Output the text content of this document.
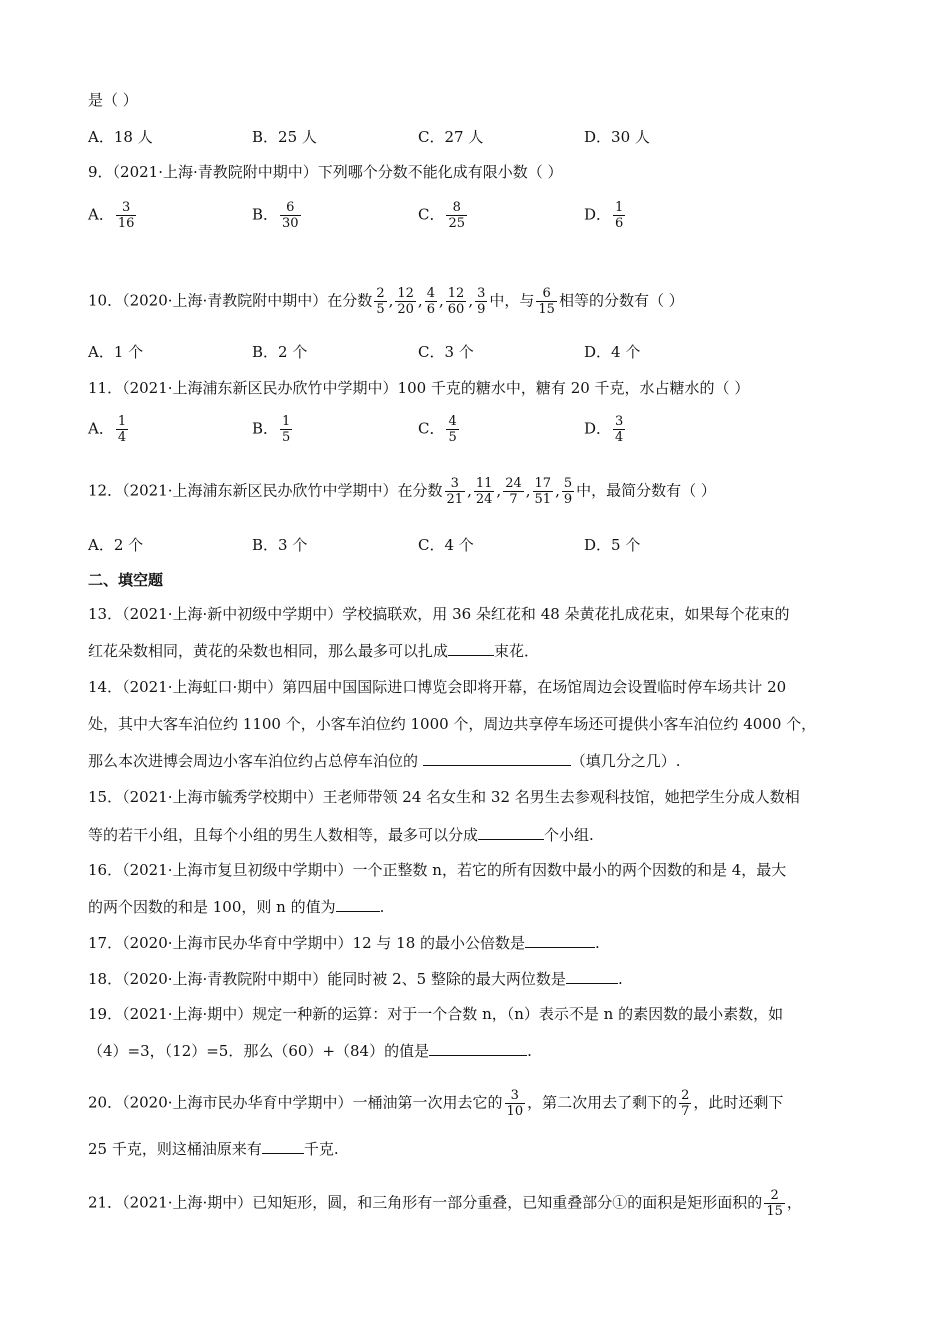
是（ ）
A．18 人	B．25 人	C．27 人	D．30 人
9．（2021·上海·青教院附中期中）下列哪个分数不能化成有限小数（ ）
A． $\frac{3}{16}$	B． $\frac{6}{30}$	C． $\frac{8}{25}$	D． $\frac{1}{6}$
10．（2020·上海·青教院附中期中）在分数 $\frac{2}{5}$ , $\frac{12}{20}$ , $\frac{4}{6}$ , $\frac{12}{60}$ , $\frac{3}{9}$ 中，与 $\frac{6}{15}$ 相等的分数有（ ）
A．1 个	B．2 个	C．3 个	D．4 个
11．（2021·上海浦东新区民办欣竹中学期中）100 千克的糖水中，糖有 20 千克，水占糖水的（ ）
A． $\frac{1}{4}$	B． $\frac{1}{5}$	C． $\frac{4}{5}$	D． $\frac{3}{4}$
12．（2021·上海浦东新区民办欣竹中学期中）在分数 $\frac{3}{21}$ , $\frac{11}{24}$ , $\frac{24}{7}$ , $\frac{17}{51}$ , $\frac{5}{9}$ 中，最简分数有（ ）
A．2 个	B．3 个	C．4 个	D．5 个
二、填空题
13．（2021·上海·新中初级中学期中）学校搞联欢，用 36 朵红花和 48 朵黄花扎成花束，如果每个花束的
红花朵数相同，黄花的朵数也相同，那么最多可以扎成	束花．
14．（2021·上海虹口·期中）第四届中国国际进口博览会即将开幕，在场馆周边会设置临时停车场共计 20
处，其中大客车泊位约 1100 个，小客车泊位约 1000 个，周边共享停车场还可提供小客车泊位约 4000 个，
那么本次进博会周边小客车泊位约占总停车泊位的	（填几分之几）.
15．（2021·上海市毓秀学校期中）王老师带领 24 名女生和 32 名男生去参观科技馆，她把学生分成人数相
等的若干小组，且每个小组的男生人数相等，最多可以分成	个小组.
16．（2021·上海市复旦初级中学期中）一个正整数 n，若它的所有因数中最小的两个因数的和是 4，最大
的两个因数的和是 100，则 n 的值为	.
17．（2020·上海市民办华育中学期中）12 与 18 的最小公倍数是	.
18．（2020·上海·青教院附中期中）能同时被 2、5 整除的最大两位数是	.
19．（2021·上海·期中）规定一种新的运算：对于一个合数 n，（n）表示不是 n 的素因数的最小素数，如
（4）=3，（12）=5．那么（60）+（84）的值是	.
20．（2020·上海市民办华育中学期中）一桶油第一次用去它的 $\frac{3}{10}$ ，第二次用去了剩下的 $\frac{2}{7}$ ，此时还剩下
25 千克，则这桶油原来有	千克.
21．（2021·上海·期中）已知矩形，圆，和三角形有一部分重叠，已知重叠部分①的面积是矩形面积的 $\frac{2}{15}$ ，
